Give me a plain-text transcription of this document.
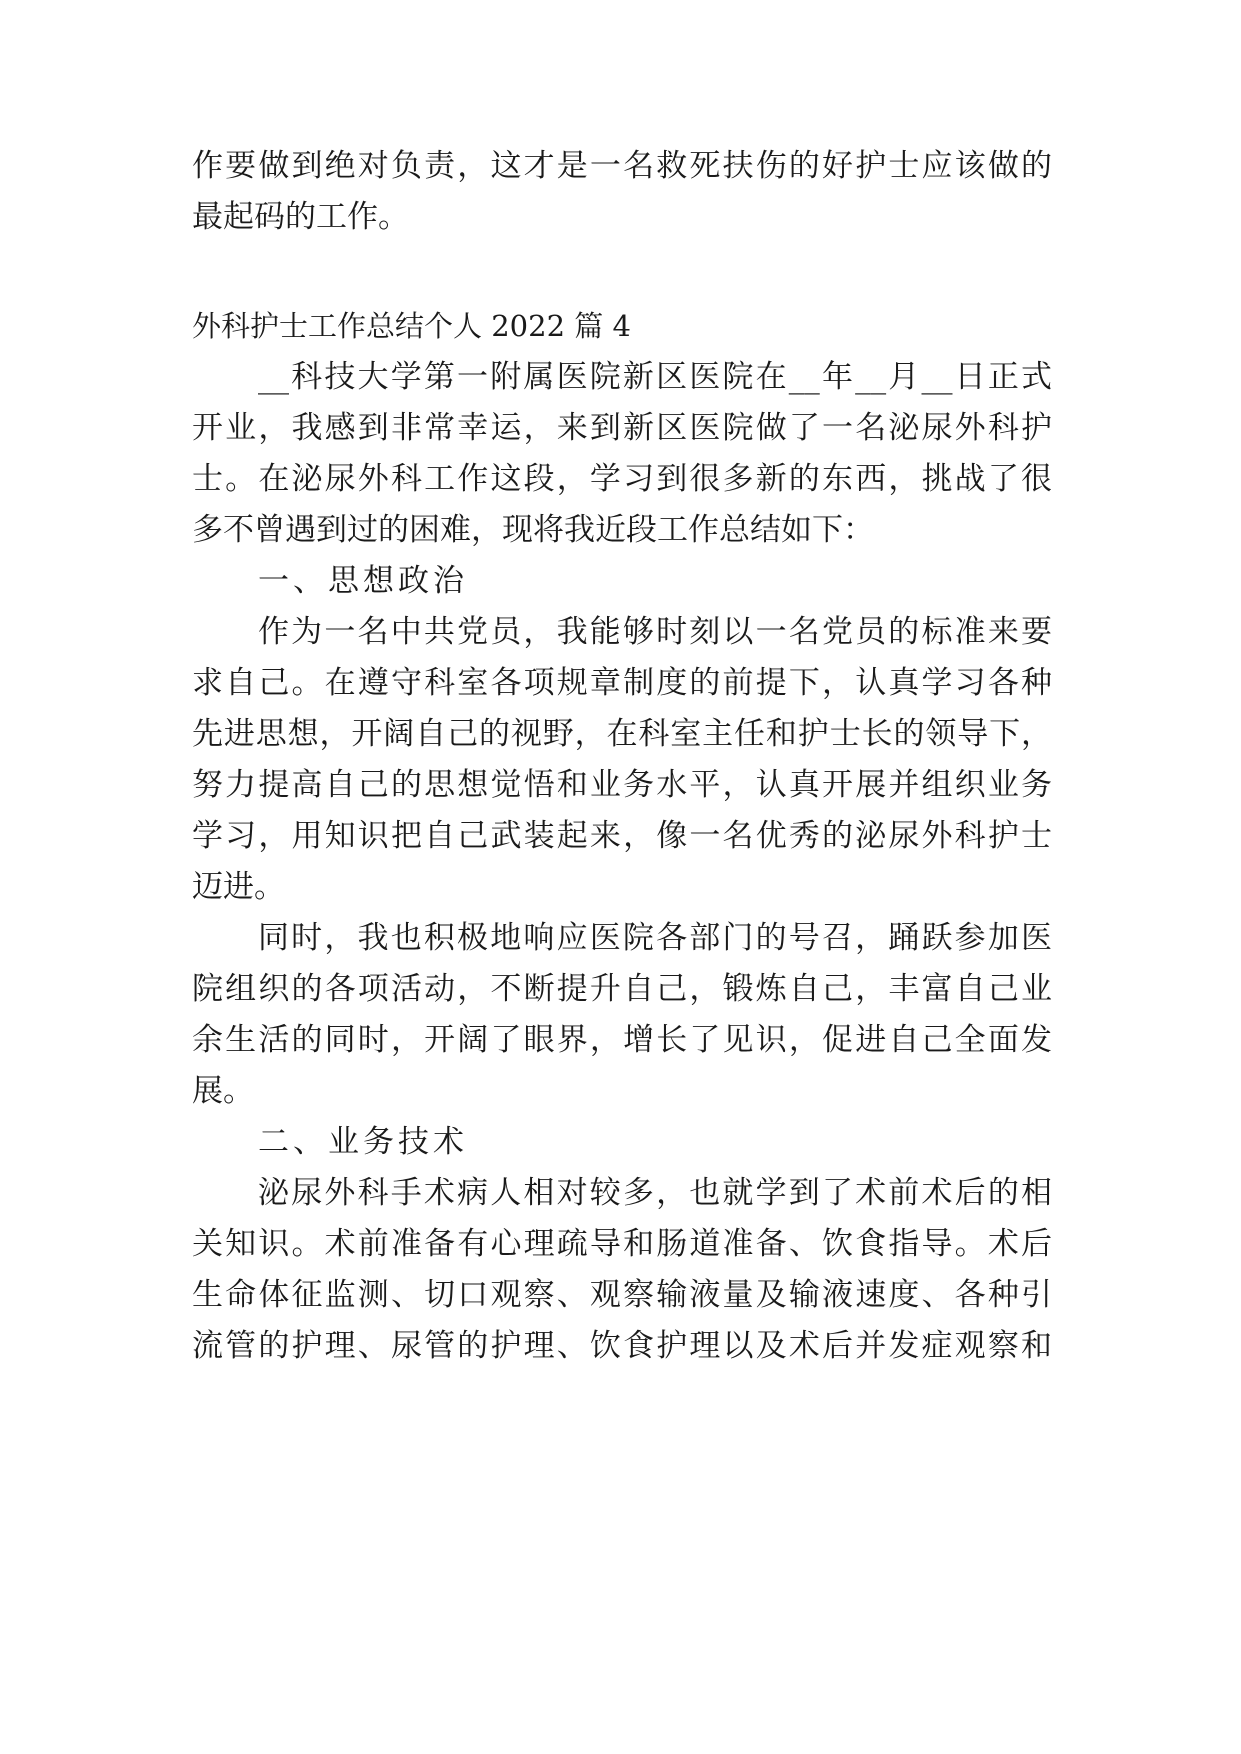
作要做到绝对负责，这才是一名救死扶伤的好护士应该做的
最起码的工作。
外科护士工作总结个人 2022 篇 4
__科技大学第一附属医院新区医院在__年__月__日正式
开业，我感到非常幸运，来到新区医院做了一名泌尿外科护
士。在泌尿外科工作这段，学习到很多新的东西，挑战了很
多不曾遇到过的困难，现将我近段工作总结如下：
一、思想政治
作为一名中共党员，我能够时刻以一名党员的标准来要
求自己。在遵守科室各项规章制度的前提下，认真学习各种
先进思想，开阔自己的视野，在科室主任和护士长的领导下，
努力提高自己的思想觉悟和业务水平，认真开展并组织业务
学习，用知识把自己武装起来，像一名优秀的泌尿外科护士
迈进。
同时，我也积极地响应医院各部门的号召，踊跃参加医
院组织的各项活动，不断提升自己，锻炼自己，丰富自己业
余生活的同时，开阔了眼界，增长了见识，促进自己全面发
展。
二、业务技术
泌尿外科手术病人相对较多，也就学到了术前术后的相
关知识。术前准备有心理疏导和肠道准备、饮食指导。术后
生命体征监测、切口观察、观察输液量及输液速度、各种引
流管的护理、尿管的护理、饮食护理以及术后并发症观察和
